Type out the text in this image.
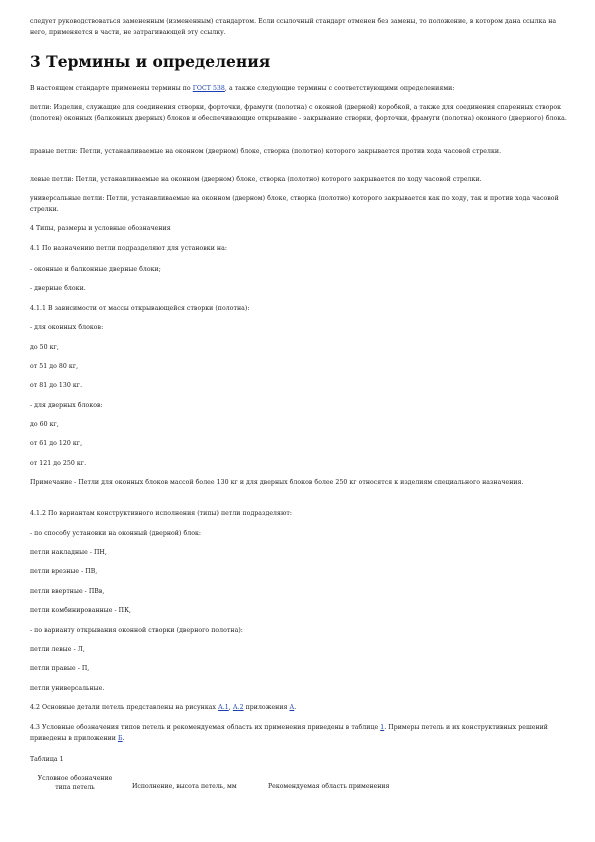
следует руководствоваться замененным (измененным) стандартом. Если ссылочный стандарт отменен без замены, то положение, в котором дана ссылка на него, применяется в части, не затрагивающей эту ссылку.
3 Термины и определения
В настоящем стандарте применены термины по ГОСТ 538, а также следующие термины с соответствующими определениями:
петли: Изделия, служащие для соединения створки, форточки, фрамуги (полотна) с оконной (дверной) коробкой, а также для соединения спаренных створок (полотен) оконных (балконных дверных) блоков и обеспечивающие открывание - закрывание створки, форточки, фрамуги (полотна) оконного (дверного) блока.
правые петли: Петли, устанавливаемые на оконном (дверном) блоке, створка (полотно) которого закрывается против хода часовой стрелки.
левые петли: Петли, устанавливаемые на оконном (дверном) блоке, створка (полотно) которого закрывается по ходу часовой стрелки.
универсальные петли: Петли, устанавливаемые на оконном (дверном) блоке, створка (полотно) которого закрывается как по ходу, так и против хода часовой стрелки.
4 Типы, размеры и условные обозначения
4.1 По назначению петли подразделяют для установки на:
- оконные и балконные дверные блоки;
- дверные блоки.
4.1.1 В зависимости от массы открывающейся створки (полотна):
- для оконных блоков:
до 50 кг,
от 51 до 80 кг,
от 81 до 130 кг.
- для дверных блоков:
до 60 кг,
от 61 до 120 кг,
от 121 до 250 кг.
Примечание - Петли для оконных блоков массой более 130 кг и для дверных блоков более 250 кг относятся к изделиям специального назначения.
4.1.2 По вариантам конструктивного исполнения (типы) петли подразделяют:
- по способу установки на оконный (дверной) блок:
петли накладные - ПН,
петли врезные - ПВ,
петли ввертные - ПВв,
петли комбинированные - ПК,
- по варианту открывания оконной створки (дверного полотна):
петли левые - Л,
петли правые - П,
петли универсальные.
4.2 Основные детали петель представлены на рисунках А.1, А.2 приложения А.
4.3 Условные обозначения типов петель и рекомендуемая область их применения приведены в таблице 1. Примеры петель и их конструктивных решений приведены в приложении Б.
Таблица 1
Условное обозначение типа петель	Исполнение, высота петель, мм	Рекомендуемая область применения
